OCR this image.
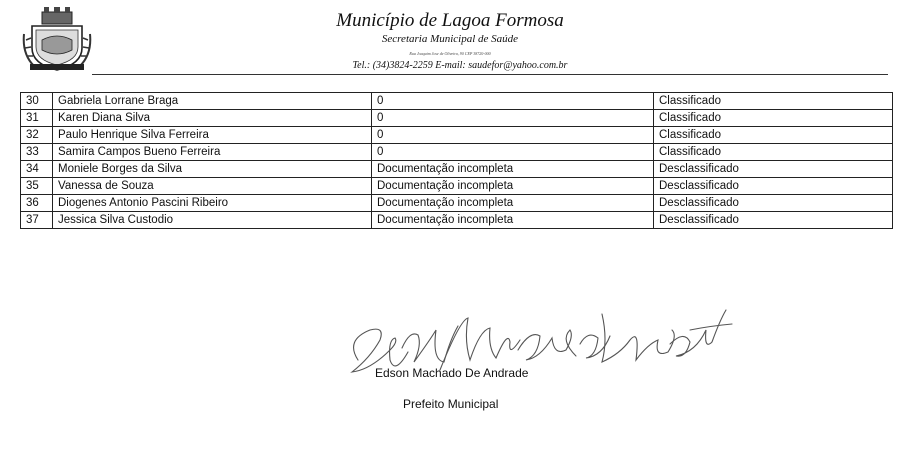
Município de Lagoa Formosa
Secretaria Municipal de Saúde
Rua Joaquim Jose de Oliveira, 90 CEP 38720-000
Tel.: (34)3824-2259 E-mail: saudefor@yahoo.com.br
30	Gabriela Lorrane Braga	0	Classificado
31	Karen Diana Silva	0	Classificado
32	Paulo Henrique Silva Ferreira	0	Classificado
33	Samira Campos Bueno Ferreira	0	Classificado
34	Moniele Borges da Silva	Documentação incompleta	Desclassificado
35	Vanessa de Souza	Documentação incompleta	Desclassificado
36	Diogenes Antonio Pascini Ribeiro	Documentação incompleta	Desclassificado
37	Jessica Silva Custodio	Documentação incompleta	Desclassificado
Edson Machado De Andrade
Prefeito Municipal
